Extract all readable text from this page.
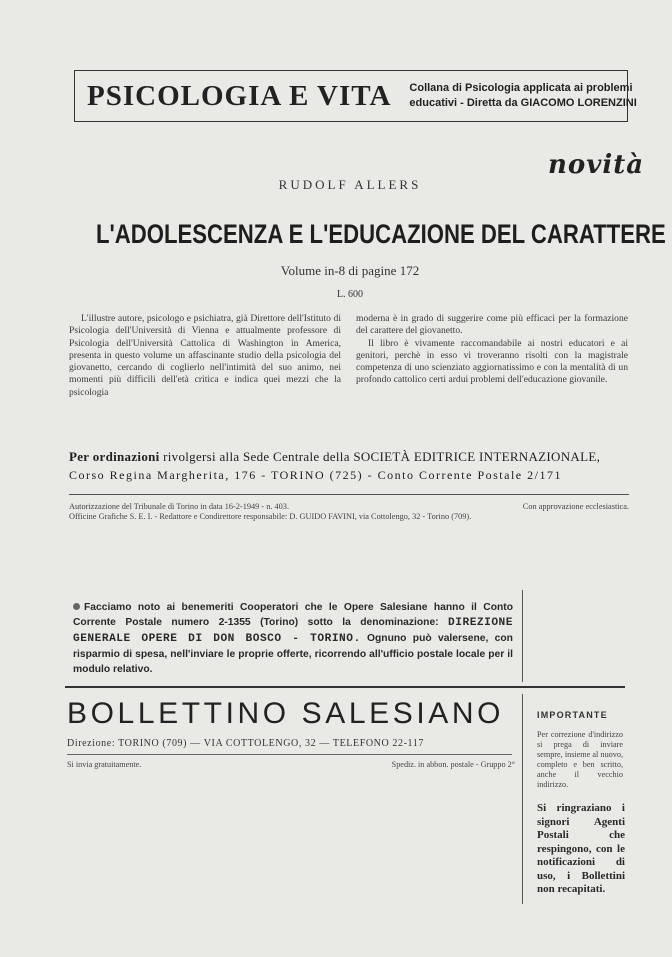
PSICOLOGIA E VITA Collana di Psicologia applicata ai problemi
educativi - Diretta da GIACOMO LORENZINI
novità
RUDOLF ALLERS
L'ADOLESCENZA E L'EDUCAZIONE DEL CARATTERE
Volume in-8 di pagine 172
L. 600

L'illustre autore, psicologo e psichiatra, già Direttore dell'Istituto di Psicologia dell'Università di Vienna e attualmente professore di Psicologia dell'Università Cattolica di Washington in America, presenta in questo volume un affascinante studio della psicologia del giovanetto, cercando di coglierlo nell'intimità del suo animo, nei momenti più difficili dell'età critica e indica quei mezzi che la psicologia

moderna è in grado di suggerire come più efficaci per la formazione del carattere del giovanetto.

Il libro è vivamente raccomandabile ai nostri educatori e ai genitori, perchè in esso vi troveranno risolti con la magistrale competenza di uno scienziato aggiornatissimo e con la mentalità di un profondo cattolico certi ardui problemi dell'educazione giovanile.

Per ordinazioni rivolgersi alla Sede Centrale della SOCIETÀ EDITRICE INTERNAZIONALE,
Corso Regina Margherita, 176 - TORINO (725) - Conto Corrente Postale 2/171
Autorizzazione del Tribunale di Torino in data 16-2-1949 - n. 403.	Con approvazione ecclesiastica.
Officine Grafiche S. E. I. - Redattore e Condirettore responsabile: D. GUIDO FAVINI, via Cottolengo, 32 - Torino (709).
Facciamo noto ai benemeriti Cooperatori che le Opere Salesiane hanno il Conto Corrente Postale numero 2-1355 (Torino) sotto la denominazione: DIREZIONE GENERALE OPERE DI DON BOSCO - TORINO. Ognuno può valersene, con risparmio di spesa, nell'inviare le proprie offerte, ricorrendo all'ufficio postale locale per il modulo relativo.
BOLLETTINO SALESIANO
Direzione: TORINO (709) — VIA COTTOLENGO, 32 — TELEFONO 22-117
Si invia gratuitamente.	Spediz. in abbon. postale - Gruppo 2°
IMPORTANTE
Per correzione d'indirizzo si prega di inviare sempre, insieme al nuovo, completo e ben scritto, anche il vecchio indirizzo.
Si ringraziano i signori Agenti Postali che respingono, con le notificazioni di uso, i Bollettini non recapitati.
